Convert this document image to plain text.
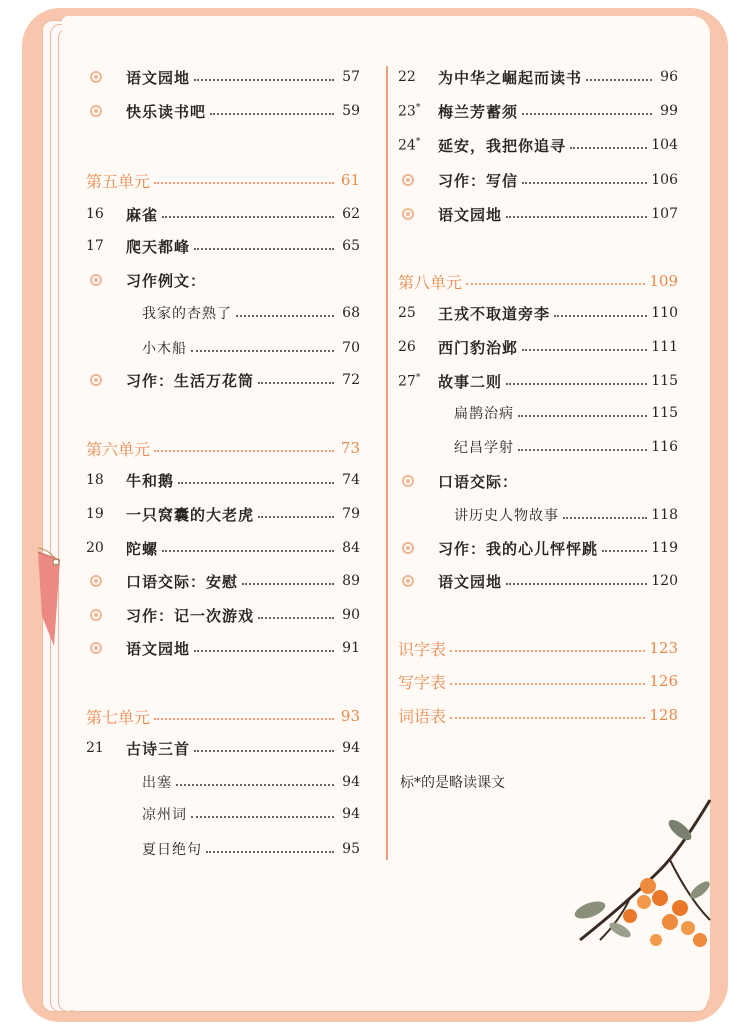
语文园地	57
快乐读书吧	59
第五单元	61
16	麻雀	62
17	爬天都峰	65
习作例文：
我家的杏熟了	68
小木船	70
习作：生活万花筒	72
第六单元	73
18	牛和鹅	74
19	一只窝囊的大老虎	79
20	陀螺	84
口语交际：安慰	89
习作：记一次游戏	90
语文园地	91
第七单元	93
21	古诗三首	94
出塞	94
凉州词	94
夏日绝句	95
22	为中华之崛起而读书	96
23* 梅兰芳蓄须	99
24* 延安，我把你追寻	104
习作：写信	106
语文园地	107
第八单元	109
25	王戎不取道旁李	110
26	西门豹治邺	111
27* 故事二则	115
扁鹊治病	115
纪昌学射	116
口语交际：
讲历史人物故事	118
习作：我的心儿怦怦跳	119
语文园地	120
识字表	123
写字表	126
词语表	128
标*的是略读课文
